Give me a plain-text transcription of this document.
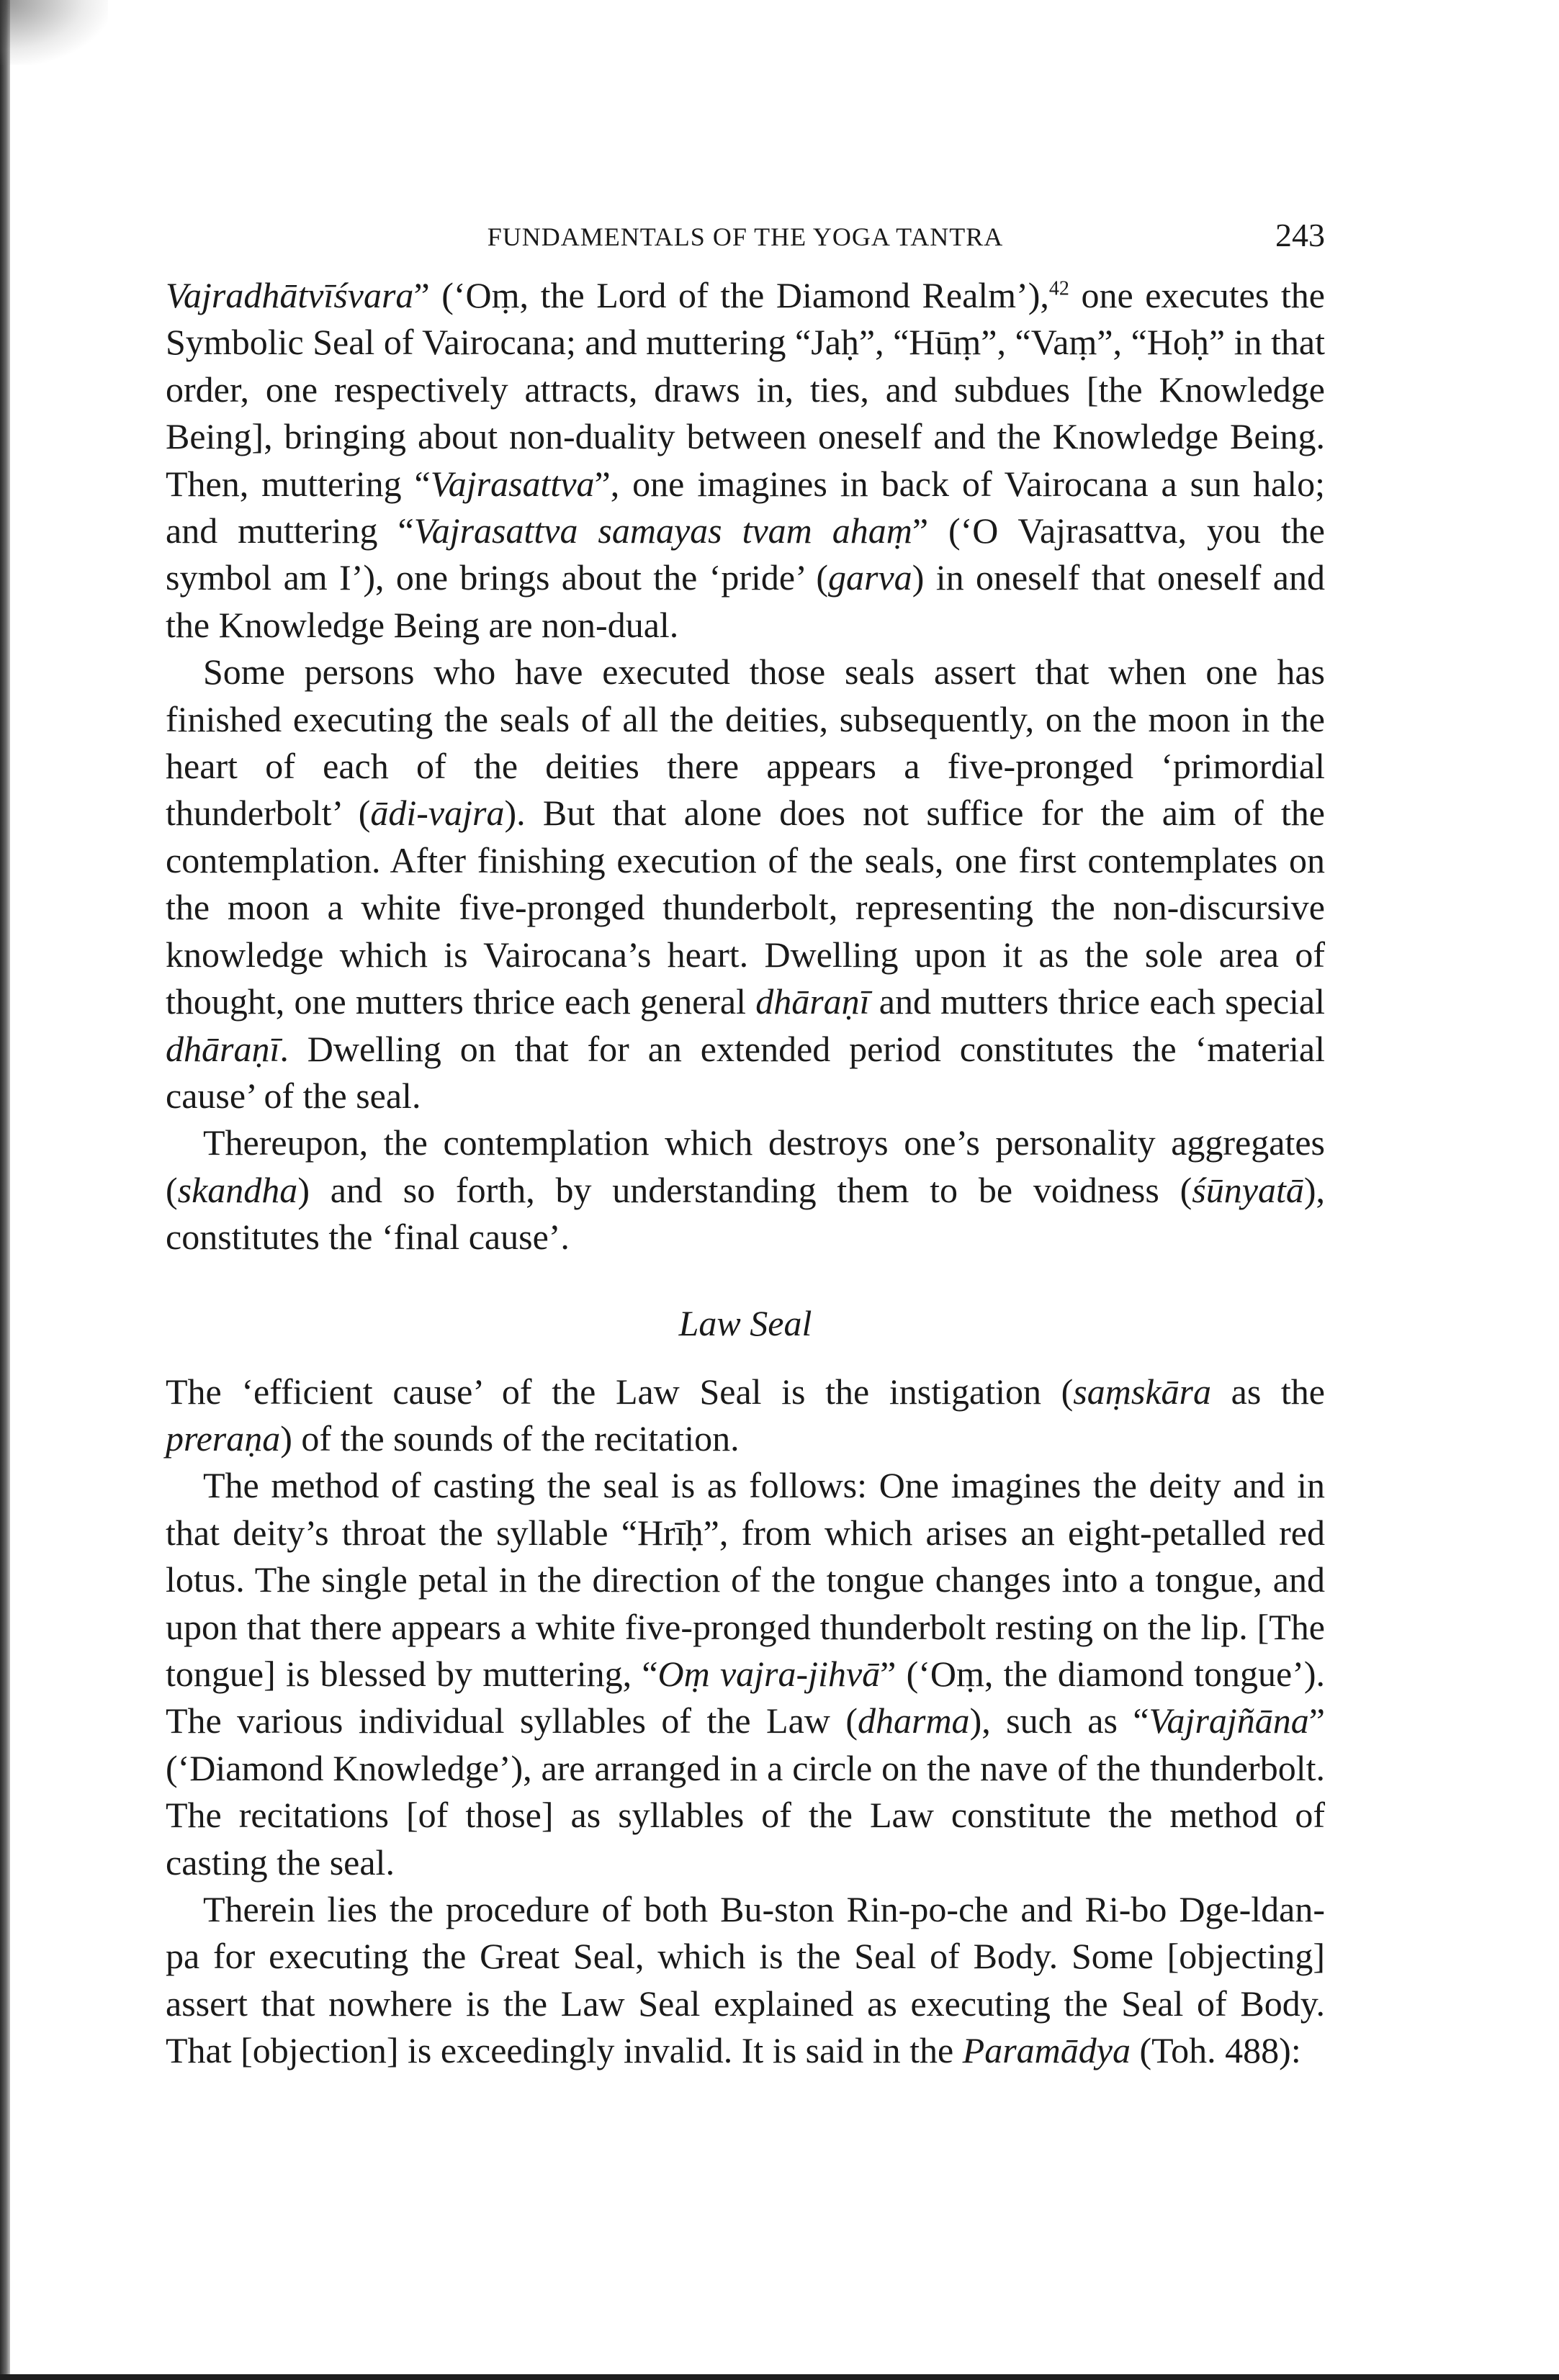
FUNDAMENTALS OF THE YOGA TANTRA	243

Vajradhātvīśvara” (‘Oṃ, the Lord of the Diamond Realm’),$^{42}$ one executes the Symbolic Seal of Vairocana; and muttering “Jaḥ”, “Hūṃ”, “Vaṃ”, “Hoḥ” in that order, one respectively attracts, draws in, ties, and subdues [the Knowledge Being], bringing about non-duality between oneself and the Knowledge Being. Then, muttering “Vajrasattva”, one imagines in back of Vairocana a sun halo; and muttering “Vajrasattva samayas tvam ahaṃ” (‘O Vajrasattva, you the symbol am I’), one brings about the ‘pride’ (garva) in oneself that oneself and the Knowledge Being are non-dual.

Some persons who have executed those seals assert that when one has finished executing the seals of all the deities, subsequently, on the moon in the heart of each of the deities there appears a five-pronged ‘primordial thunderbolt’ (ādi-vajra). But that alone does not suffice for the aim of the contemplation. After finishing execution of the seals, one first contemplates on the moon a white five-pronged thunderbolt, representing the non-discursive knowledge which is Vairocana’s heart. Dwelling upon it as the sole area of thought, one mutters thrice each general dhāraṇī and mutters thrice each special dhāraṇī. Dwelling on that for an extended period constitutes the ‘material cause’ of the seal.

Thereupon, the contemplation which destroys one’s personality aggregates (skandha) and so forth, by understanding them to be voidness (śūnyatā), constitutes the ‘final cause’.

Law Seal

The ‘efficient cause’ of the Law Seal is the instigation (saṃskāra as the preraṇa) of the sounds of the recitation.

The method of casting the seal is as follows: One imagines the deity and in that deity’s throat the syllable “Hrīḥ”, from which arises an eight-petalled red lotus. The single petal in the direction of the tongue changes into a tongue, and upon that there appears a white five-pronged thunderbolt resting on the lip. [The tongue] is blessed by muttering, “Oṃ vajra-jihvā” (‘Oṃ, the diamond tongue’). The various individual syllables of the Law (dharma), such as “Vajrajñāna” (‘Diamond Knowledge’), are arranged in a circle on the nave of the thunderbolt. The recitations [of those] as syllables of the Law constitute the method of casting the seal.

Therein lies the procedure of both Bu-ston Rin-po-che and Ri-bo Dge-ldan-pa for executing the Great Seal, which is the Seal of Body. Some [objecting] assert that nowhere is the Law Seal explained as executing the Seal of Body. That [objection] is exceedingly invalid. It is said in the Paramādya (Toh. 488):
